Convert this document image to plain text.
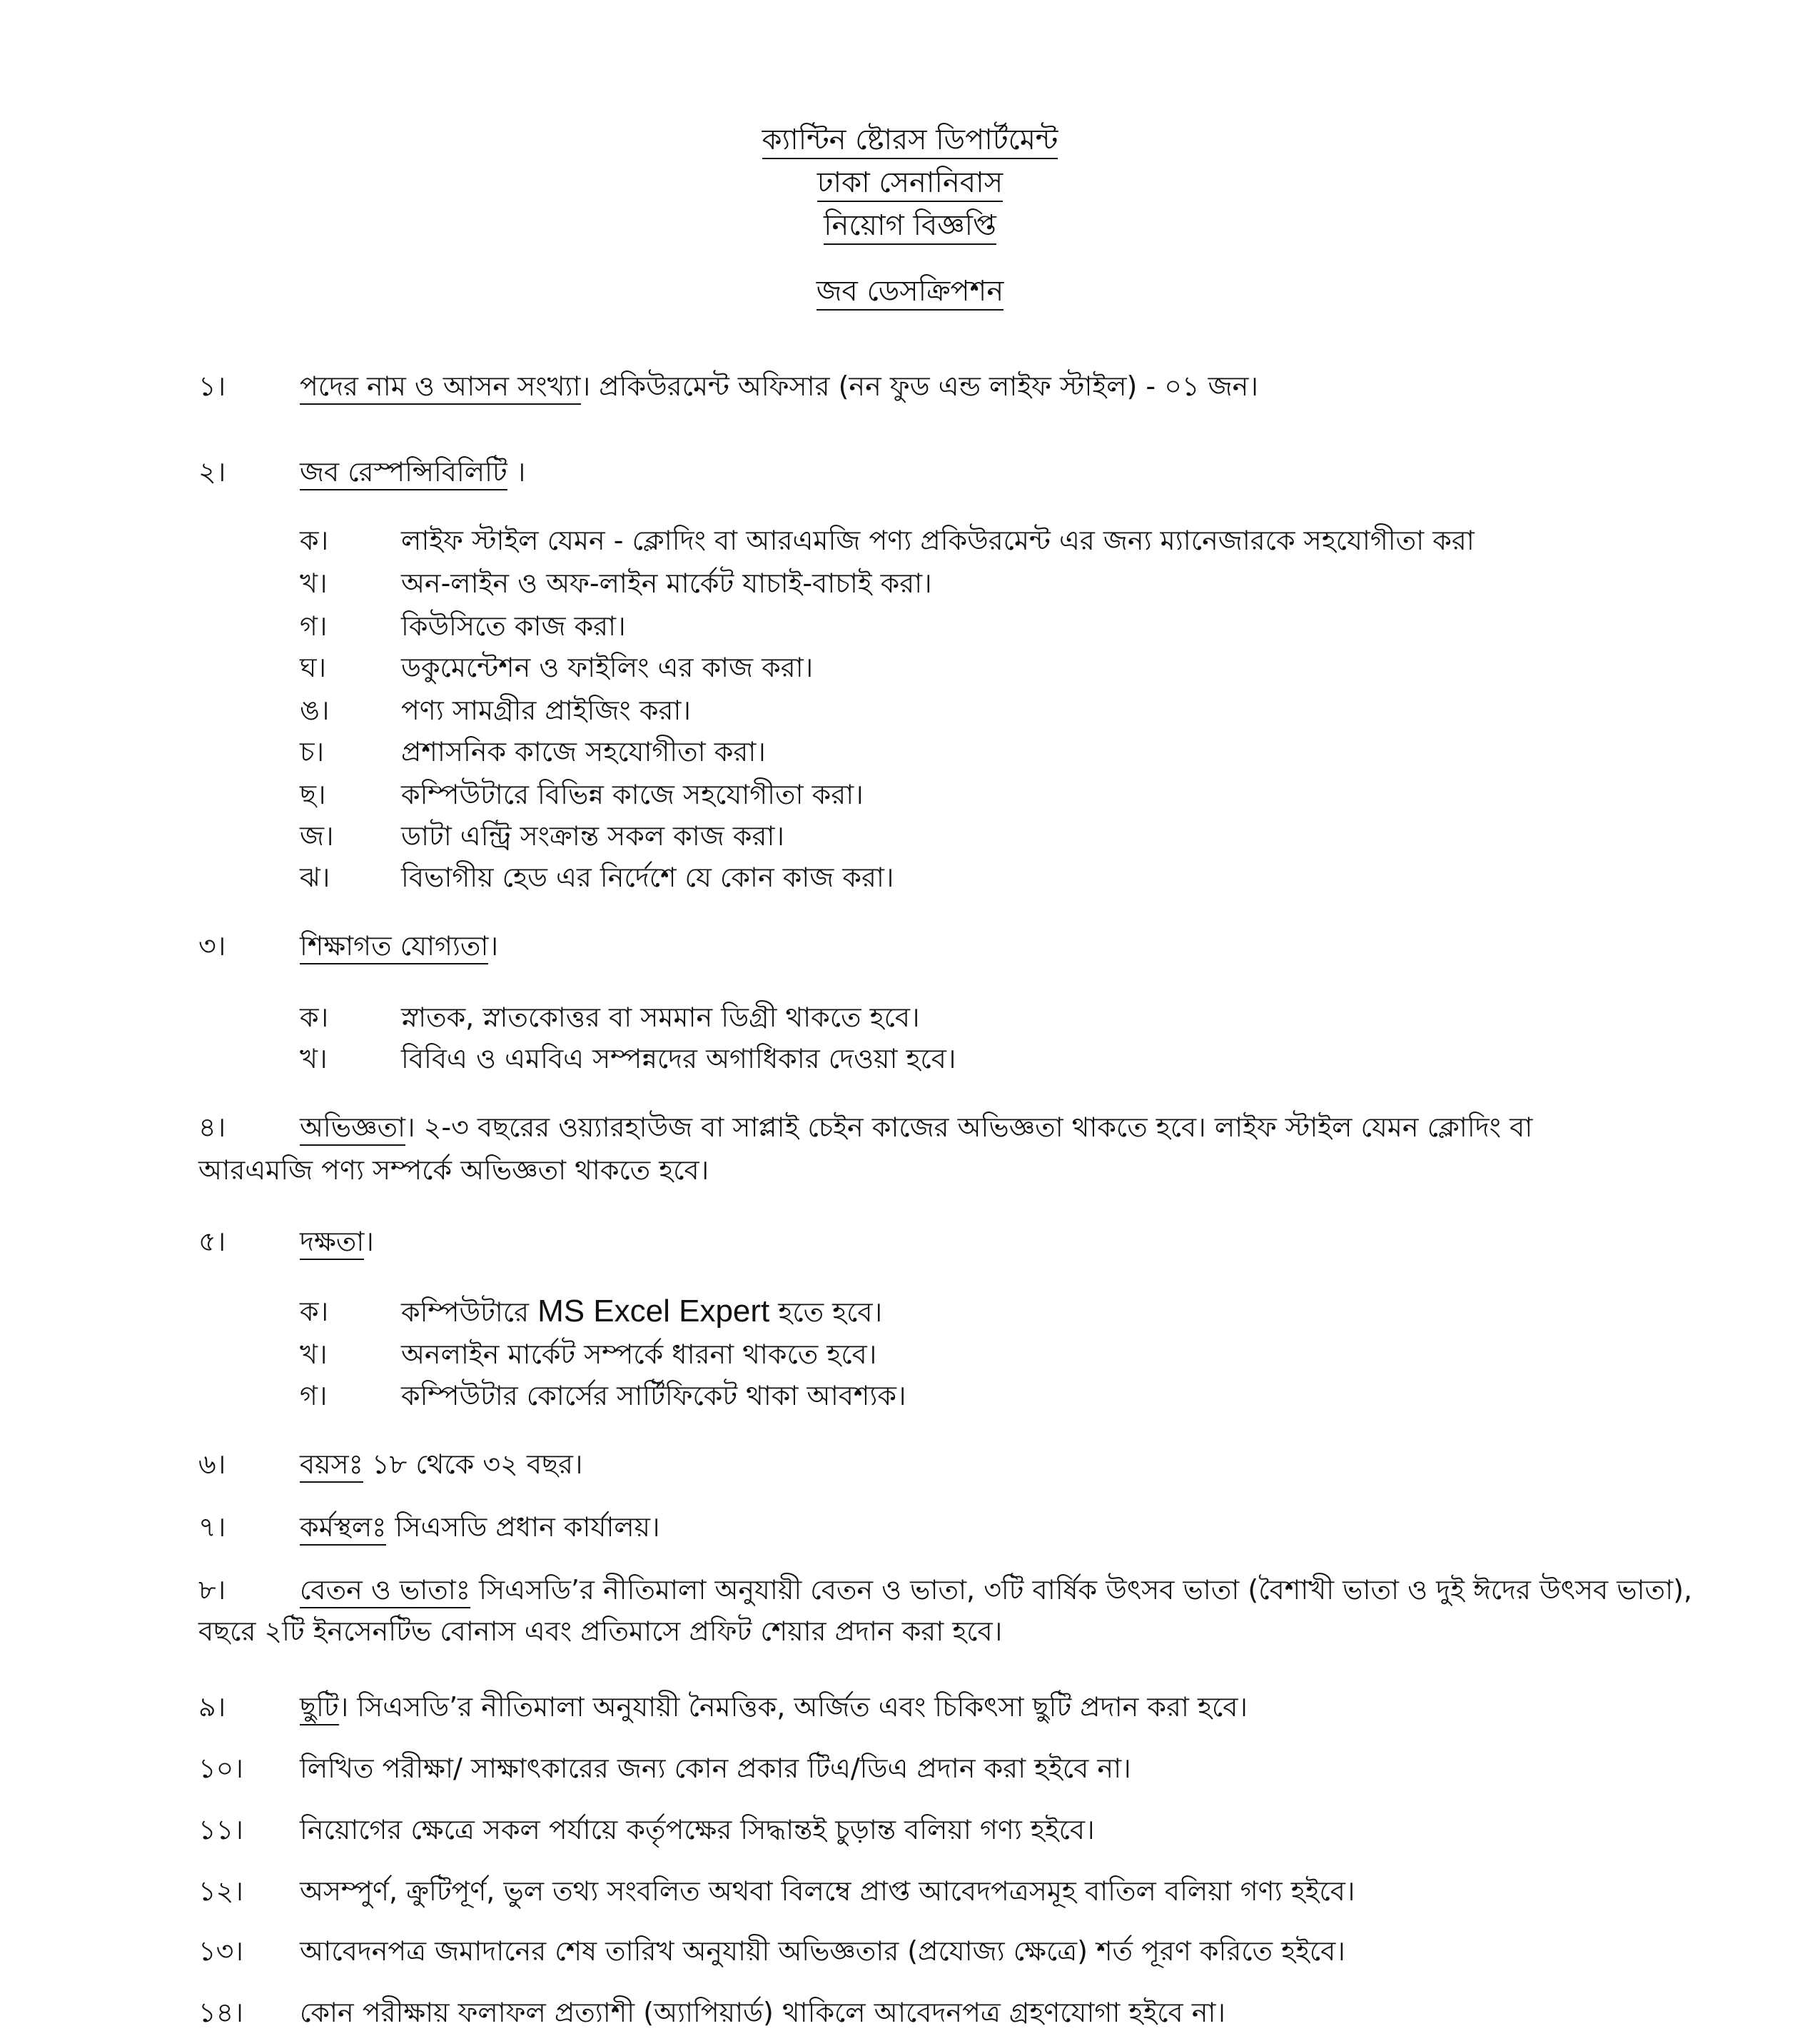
ক্যান্টিন ষ্টোরস ডিপার্টমেন্ট
ঢাকা সেনানিবাস
নিয়োগ বিজ্ঞপ্তি
জব ডেসক্রিপশন
১।	পদের নাম ও আসন সংখ্যা। প্রকিউরমেন্ট অফিসার (নন ফুড এন্ড লাইফ স্টাইল) - ০১ জন।
২।	জব রেস্পন্সিবিলিটি ।
ক।	লাইফ স্টাইল যেমন - ক্লোদিং বা আরএমজি পণ্য প্রকিউরমেন্ট এর জন্য ম্যানেজারকে সহযোগীতা করা
খ।	অন-লাইন ও অফ-লাইন মার্কেট যাচাই-বাচাই করা।
গ।	কিউসিতে কাজ করা।
ঘ।	ডকুমেন্টেশন ও ফাইলিং এর কাজ করা।
ঙ।	পণ্য সামগ্রীর প্রাইজিং করা।
চ।	প্রশাসনিক কাজে সহযোগীতা করা।
ছ।	কম্পিউটারে বিভিন্ন কাজে সহযোগীতা করা।
জ। ডাটা এন্ট্রি সংক্রান্ত সকল কাজ করা।
ঝ।	বিভাগীয় হেড এর নির্দেশে যে কোন কাজ করা।
৩।	শিক্ষাগত যোগ্যতা।
ক।	স্নাতক, স্নাতকোত্তর বা সমমান ডিগ্রী থাকতে হবে।
খ।	বিবিএ ও এমবিএ সম্পন্নদের অগাধিকার দেওয়া হবে।
৪।	অভিজ্ঞতা। ২-৩ বছরের ওয়্যারহাউজ বা সাপ্লাই চেইন কাজের অভিজ্ঞতা থাকতে হবে। লাইফ স্টাইল যেমন ক্লোদিং বা
আরএমজি পণ্য সম্পর্কে অভিজ্ঞতা থাকতে হবে।
৫।	দক্ষতা।
ক।	কম্পিউটারে MS Excel Expert হতে হবে।
খ।	অনলাইন মার্কেট সম্পর্কে ধারনা থাকতে হবে।
গ।	কম্পিউটার কোর্সের সার্টিফিকেট থাকা আবশ্যক।
৬।	বয়সঃ ১৮ থেকে ৩২ বছর।
৭।	কর্মস্থলঃ সিএসডি প্রধান কার্যালয়।
৮।	বেতন ও ভাতাঃ সিএসডি’র নীতিমালা অনুযায়ী বেতন ও ভাতা, ৩টি বার্ষিক উৎসব ভাতা (বৈশাখী ভাতা ও দুই ঈদের উৎসব ভাতা),
বছরে ২টি ইনসেনটিভ বোনাস এবং প্রতিমাসে প্রফিট শেয়ার প্রদান করা হবে।
৯।	ছুটি। সিএসডি’র নীতিমালা অনুযায়ী নৈমত্তিক, অর্জিত এবং চিকিৎসা ছুটি প্রদান করা হবে।
১০। লিখিত পরীক্ষা/ সাক্ষাৎকারের জন্য কোন প্রকার টিএ/ডিএ প্রদান করা হইবে না।
১১। নিয়োগের ক্ষেত্রে সকল পর্যায়ে কর্তৃপক্ষের সিদ্ধান্তই চুড়ান্ত বলিয়া গণ্য হইবে।
১২। অসম্পুর্ণ, ক্রুটিপূর্ণ, ভুল তথ্য সংবলিত অথবা বিলম্বে প্রাপ্ত আবেদপত্রসমূহ বাতিল বলিয়া গণ্য হইবে।
১৩। আবেদনপত্র জমাদানের শেষ তারিখ অনুযায়ী অভিজ্ঞতার (প্রযোজ্য ক্ষেত্রে) শর্ত পূরণ করিতে হইবে।
১৪। কোন পরীক্ষায় ফলাফল প্রত্যাশী (অ্যাপিয়ার্ড) থাকিলে আবেদনপত্র গ্রহণযোগা হইবে না।
